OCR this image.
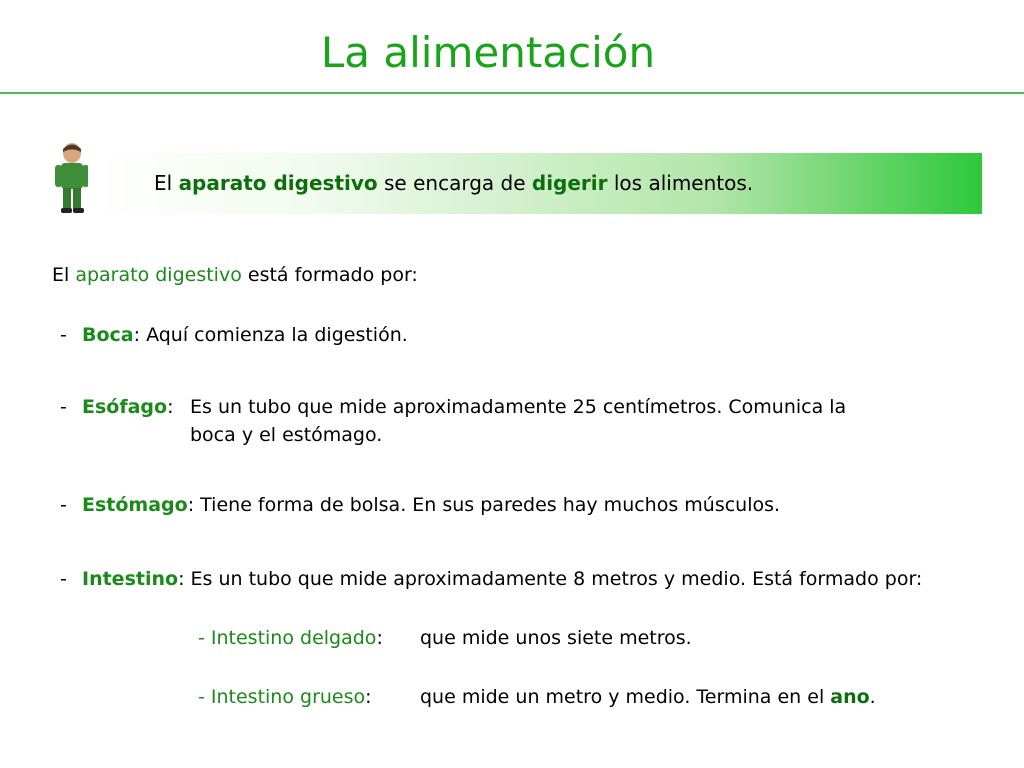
La alimentación
El aparato digestivo se encarga de digerir los alimentos.
El aparato digestivo está formado por:
- Boca: Aquí comienza la digestión.
- Esófago: Es un tubo que mide aproximadamente 25 centímetros. Comunica la
boca y el estómago.
- Estómago: Tiene forma de bolsa. En sus paredes hay muchos músculos.
- Intestino: Es un tubo que mide aproximadamente 8 metros y medio. Está formado por:
- Intestino delgado: que mide unos siete metros.
- Intestino grueso:	que mide un metro y medio. Termina en el ano.
